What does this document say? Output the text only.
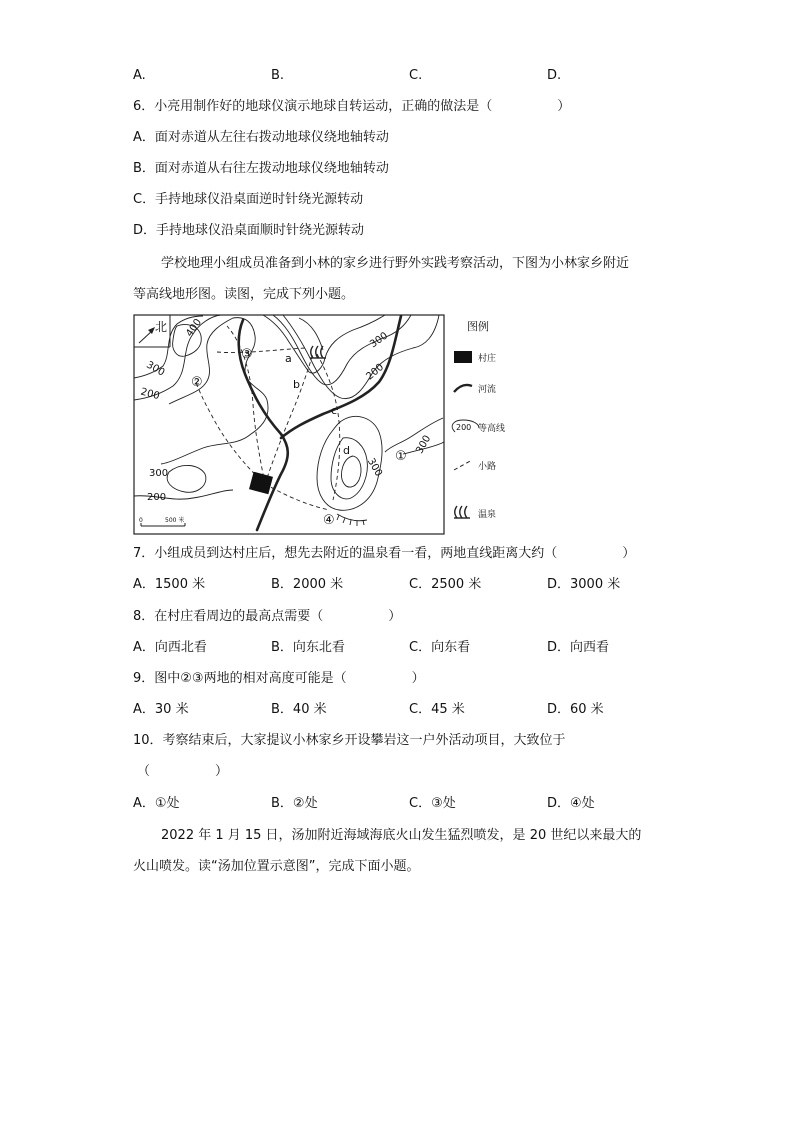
A.	B.	C.	D.
6．小亮用制作好的地球仪演示地球自转运动，正确的做法是（　　　　　）
A．面对赤道从左往右拨动地球仪绕地轴转动
B．面对赤道从右往左拨动地球仪绕地轴转动
C．手持地球仪沿桌面逆时针绕光源转动
D．手持地球仪沿桌面顺时针绕光源转动
学校地理小组成员准备到小林的家乡进行野外实践考察活动，下图为小林家乡附近
等高线地形图。读图，完成下列小题。
北 400
300
200
300
200
300
300
200
300
a
b
c
d	①
②
③
④
0	500 米
图例
村庄
河流
200 等高线
小路
温泉
7．小组成员到达村庄后，想先去附近的温泉看一看，两地直线距离大约（　　　　　）
A．1500 米	B．2000 米	C．2500 米	D．3000 米
8．在村庄看周边的最高点需要（　　　　　）
A．向西北看	B．向东北看	C．向东看	D．向西看
9．图中②③两地的相对高度可能是（　　　　　）
A．30 米	B．40 米	C．45 米	D．60 米
10．考察结束后，大家提议小林家乡开设攀岩这一户外活动项目，大致位于
（　　　　　）
A．①处	B．②处	C．③处	D．④处
2022 年 1 月 15 日，汤加附近海域海底火山发生猛烈喷发，是 20 世纪以来最大的
火山喷发。读“汤加位置示意图”，完成下面小题。
